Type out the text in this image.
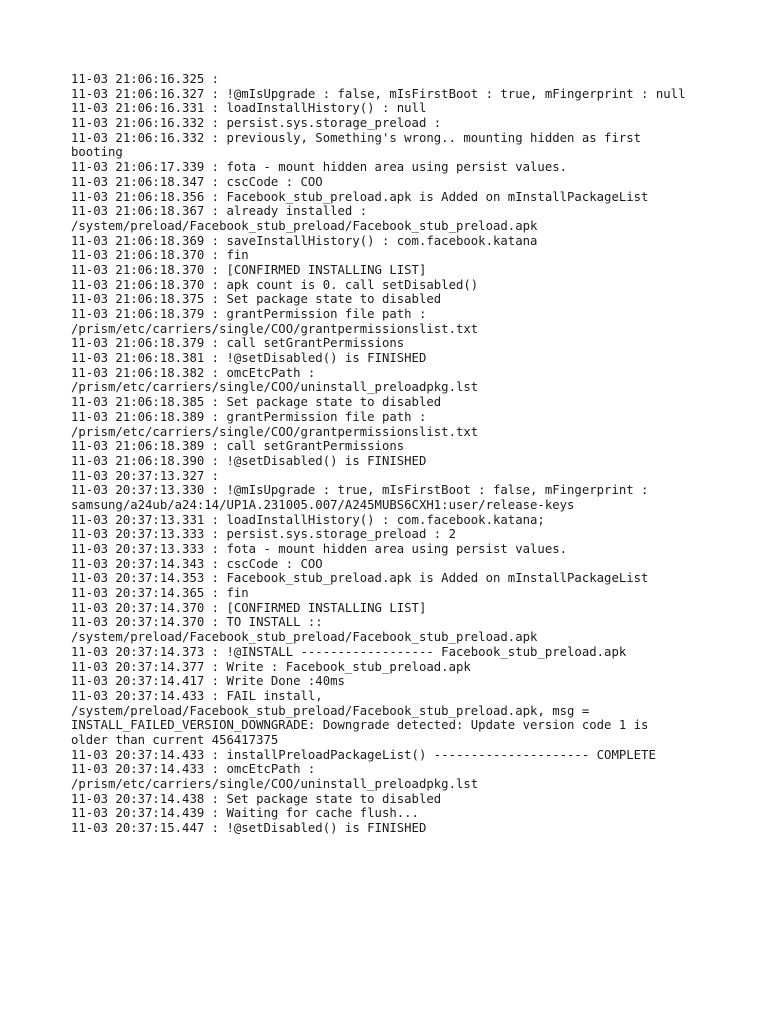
11-03 21:06:16.325 :
11-03 21:06:16.327 : !@mIsUpgrade : false, mIsFirstBoot : true, mFingerprint : null
11-03 21:06:16.331 : loadInstallHistory() : null
11-03 21:06:16.332 : persist.sys.storage_preload :
11-03 21:06:16.332 : previously, Something's wrong.. mounting hidden as first
booting
11-03 21:06:17.339 : fota - mount hidden area using persist values.
11-03 21:06:18.347 : cscCode : COO
11-03 21:06:18.356 : Facebook_stub_preload.apk is Added on mInstallPackageList
11-03 21:06:18.367 : already installed :
/system/preload/Facebook_stub_preload/Facebook_stub_preload.apk
11-03 21:06:18.369 : saveInstallHistory() : com.facebook.katana
11-03 21:06:18.370 : fin
11-03 21:06:18.370 : [CONFIRMED INSTALLING LIST]
11-03 21:06:18.370 : apk count is 0. call setDisabled()
11-03 21:06:18.375 : Set package state to disabled
11-03 21:06:18.379 : grantPermission file path :
/prism/etc/carriers/single/COO/grantpermissionslist.txt
11-03 21:06:18.379 : call setGrantPermissions
11-03 21:06:18.381 : !@setDisabled() is FINISHED
11-03 21:06:18.382 : omcEtcPath :
/prism/etc/carriers/single/COO/uninstall_preloadpkg.lst
11-03 21:06:18.385 : Set package state to disabled
11-03 21:06:18.389 : grantPermission file path :
/prism/etc/carriers/single/COO/grantpermissionslist.txt
11-03 21:06:18.389 : call setGrantPermissions
11-03 21:06:18.390 : !@setDisabled() is FINISHED
11-03 20:37:13.327 :
11-03 20:37:13.330 : !@mIsUpgrade : true, mIsFirstBoot : false, mFingerprint :
samsung/a24ub/a24:14/UP1A.231005.007/A245MUBS6CXH1:user/release-keys
11-03 20:37:13.331 : loadInstallHistory() : com.facebook.katana;
11-03 20:37:13.333 : persist.sys.storage_preload : 2
11-03 20:37:13.333 : fota - mount hidden area using persist values.
11-03 20:37:14.343 : cscCode : COO
11-03 20:37:14.353 : Facebook_stub_preload.apk is Added on mInstallPackageList
11-03 20:37:14.365 : fin
11-03 20:37:14.370 : [CONFIRMED INSTALLING LIST]
11-03 20:37:14.370 : TO INSTALL ::
/system/preload/Facebook_stub_preload/Facebook_stub_preload.apk
11-03 20:37:14.373 : !@INSTALL ------------------ Facebook_stub_preload.apk
11-03 20:37:14.377 : Write : Facebook_stub_preload.apk
11-03 20:37:14.417 : Write Done :40ms
11-03 20:37:14.433 : FAIL install,
/system/preload/Facebook_stub_preload/Facebook_stub_preload.apk, msg =
INSTALL_FAILED_VERSION_DOWNGRADE: Downgrade detected: Update version code 1 is
older than current 456417375
11-03 20:37:14.433 : installPreloadPackageList() --------------------- COMPLETE
11-03 20:37:14.433 : omcEtcPath :
/prism/etc/carriers/single/COO/uninstall_preloadpkg.lst
11-03 20:37:14.438 : Set package state to disabled
11-03 20:37:14.439 : Waiting for cache flush...
11-03 20:37:15.447 : !@setDisabled() is FINISHED
